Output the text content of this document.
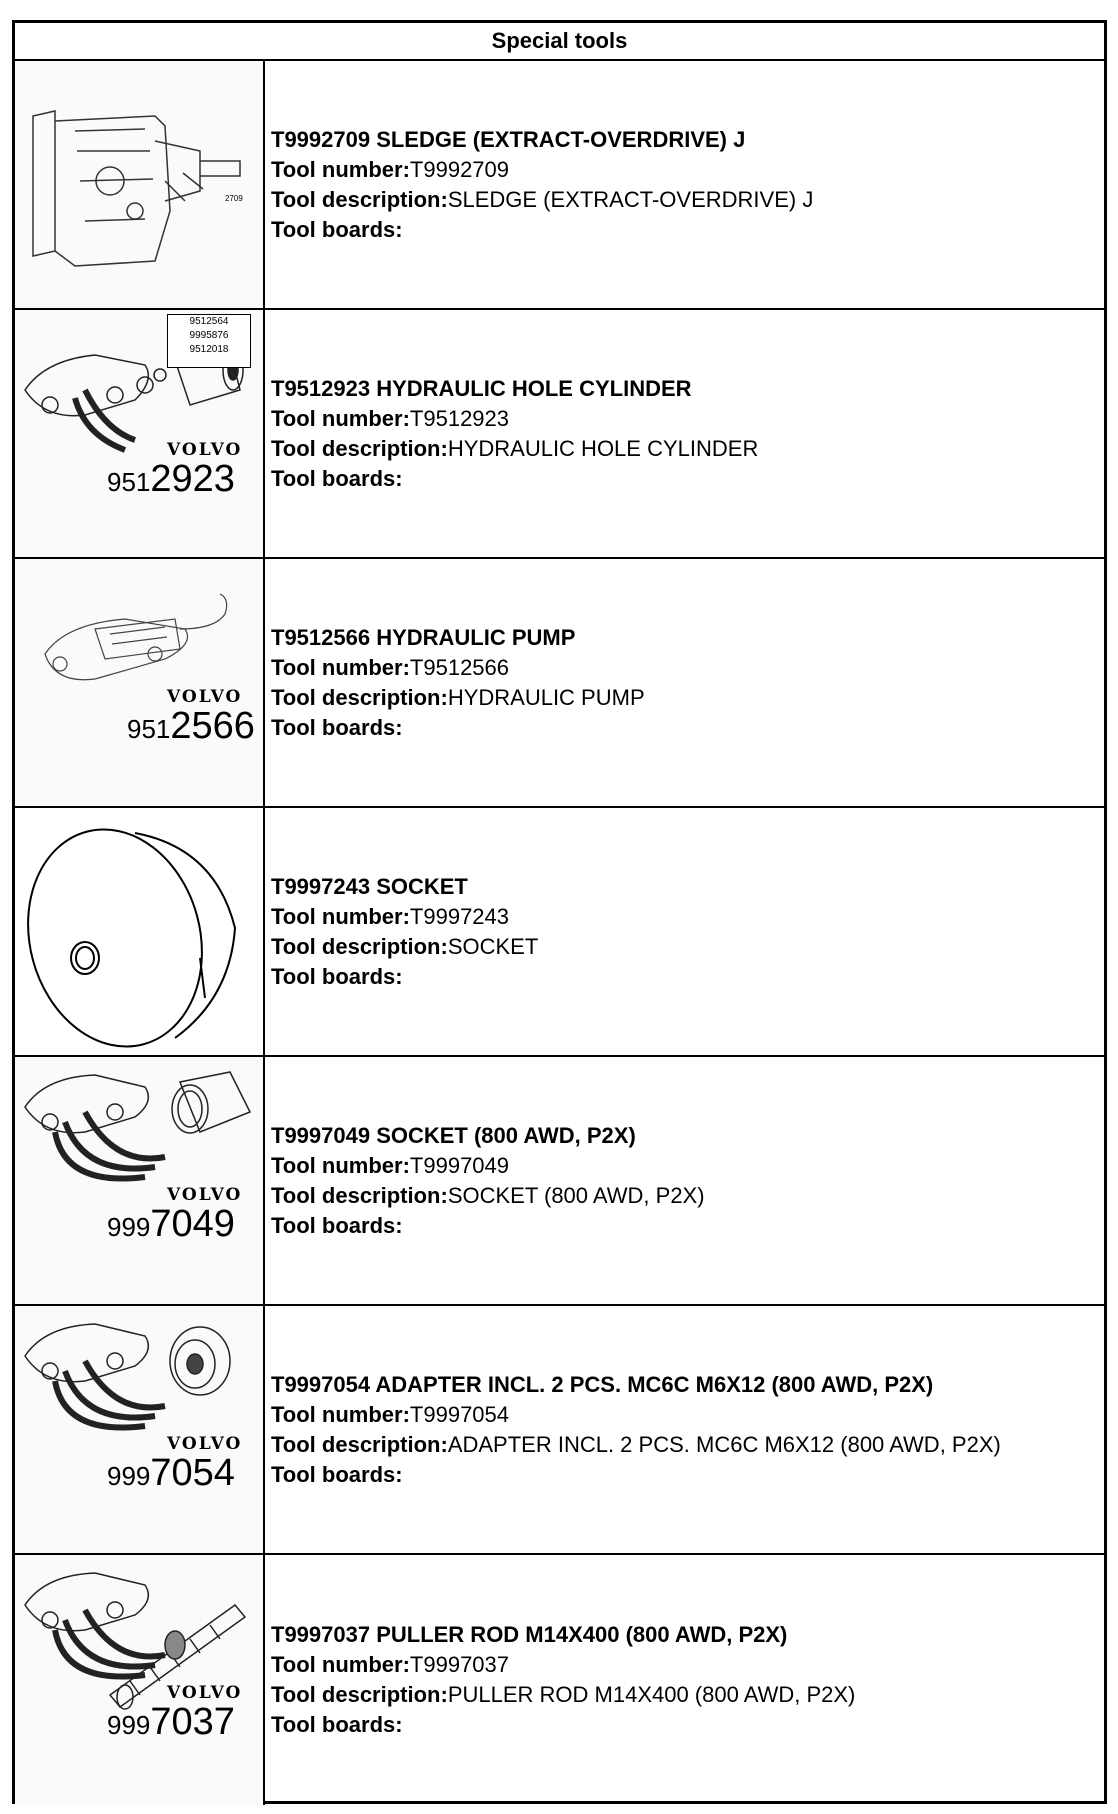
Special tools
2709
T9992709 SLEDGE (EXTRACT-OVERDRIVE) J
Tool number:T9992709
Tool description:SLEDGE (EXTRACT-OVERDRIVE) J
Tool boards:
9512564
9995876
9512018
VOLVO
9512923
T9512923 HYDRAULIC HOLE CYLINDER
Tool number:T9512923
Tool description:HYDRAULIC HOLE CYLINDER
Tool boards:
VOLVO
9512566
T9512566 HYDRAULIC PUMP
Tool number:T9512566
Tool description:HYDRAULIC PUMP
Tool boards:
T9997243 SOCKET
Tool number:T9997243
Tool description:SOCKET
Tool boards:
VOLVO
9997049
T9997049 SOCKET (800 AWD, P2X)
Tool number:T9997049
Tool description:SOCKET (800 AWD, P2X)
Tool boards:
VOLVO
9997054
T9997054 ADAPTER INCL. 2 PCS. MC6C M6X12 (800 AWD, P2X)
Tool number:T9997054
Tool description:ADAPTER INCL. 2 PCS. MC6C M6X12 (800 AWD, P2X)
Tool boards:
VOLVO
9997037
T9997037 PULLER ROD M14X400 (800 AWD, P2X)
Tool number:T9997037
Tool description:PULLER ROD M14X400 (800 AWD, P2X)
Tool boards:
